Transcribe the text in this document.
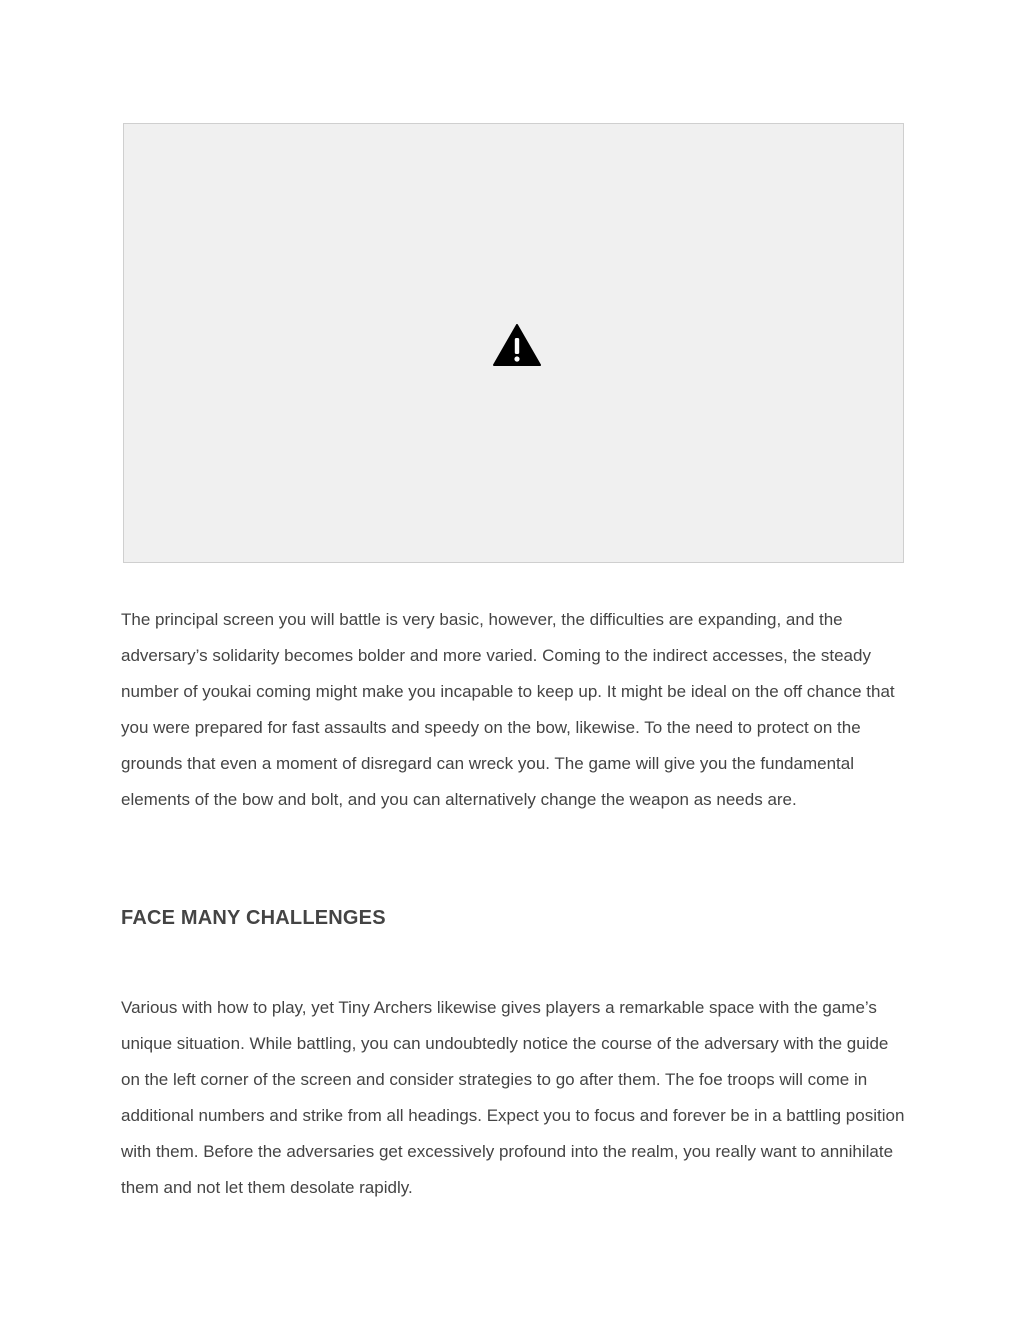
The principal screen you will battle is very basic, however, the difficulties are expanding, and the adversary’s solidarity becomes bolder and more varied. Coming to the indirect accesses, the steady number of youkai coming might make you incapable to keep up. It might be ideal on the off chance that you were prepared for fast assaults and speedy on the bow, likewise. To the need to protect on the grounds that even a moment of disregard can wreck you. The game will give you the fundamental elements of the bow and bolt, and you can alternatively change the weapon as needs are.

FACE MANY CHALLENGES

Various with how to play, yet Tiny Archers likewise gives players a remarkable space with the game’s unique situation. While battling, you can undoubtedly notice the course of the adversary with the guide on the left corner of the screen and consider strategies to go after them. The foe troops will come in additional numbers and strike from all headings. Expect you to focus and forever be in a battling position with them. Before the adversaries get excessively profound into the realm, you really want to annihilate them and not let them desolate rapidly.
